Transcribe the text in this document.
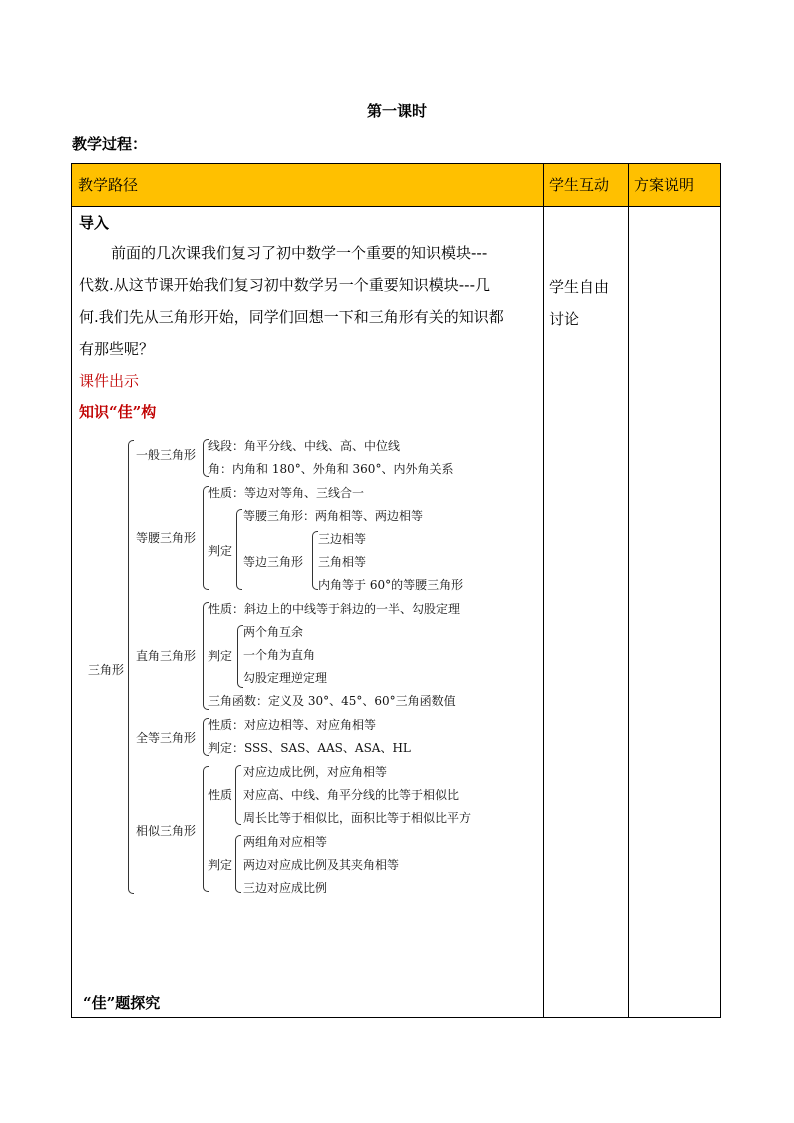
第一课时
教学过程：
教学路径	学生互动	方案说明
导入
前面的几次课我们复习了初中数学一个重要的知识模块---
代数.从这节课开始我们复习初中数学另一个重要知识模块---几
何.我们先从三角形开始，同学们回想一下和三角形有关的知识都
有那些呢？
课件出示
知识“佳”构
学生自由
讨论
三角形
一般三角形
线段：角平分线、中线、高、中位线
角：内角和 180°、外角和 360°、内外角关系
等腰三角形
性质：等边对等角、三线合一
判定
等腰三角形：两角相等、两边相等
等边三角形
三边相等
三角相等
内角等于 60°的等腰三角形
直角三角形
性质：斜边上的中线等于斜边的一半、勾股定理
判定
两个角互余
一个角为直角
勾股定理逆定理
三角函数：定义及 30°、45°、60°三角函数值
全等三角形
性质：对应边相等、对应角相等
判定：SSS、SAS、AAS、ASA、HL
相似三角形
性质
对应边成比例，对应角相等
对应高、中线、角平分线的比等于相似比
周长比等于相似比，面积比等于相似比平方
判定
两组角对应相等
两边对应成比例及其夹角相等
三边对应成比例
“佳”题探究
